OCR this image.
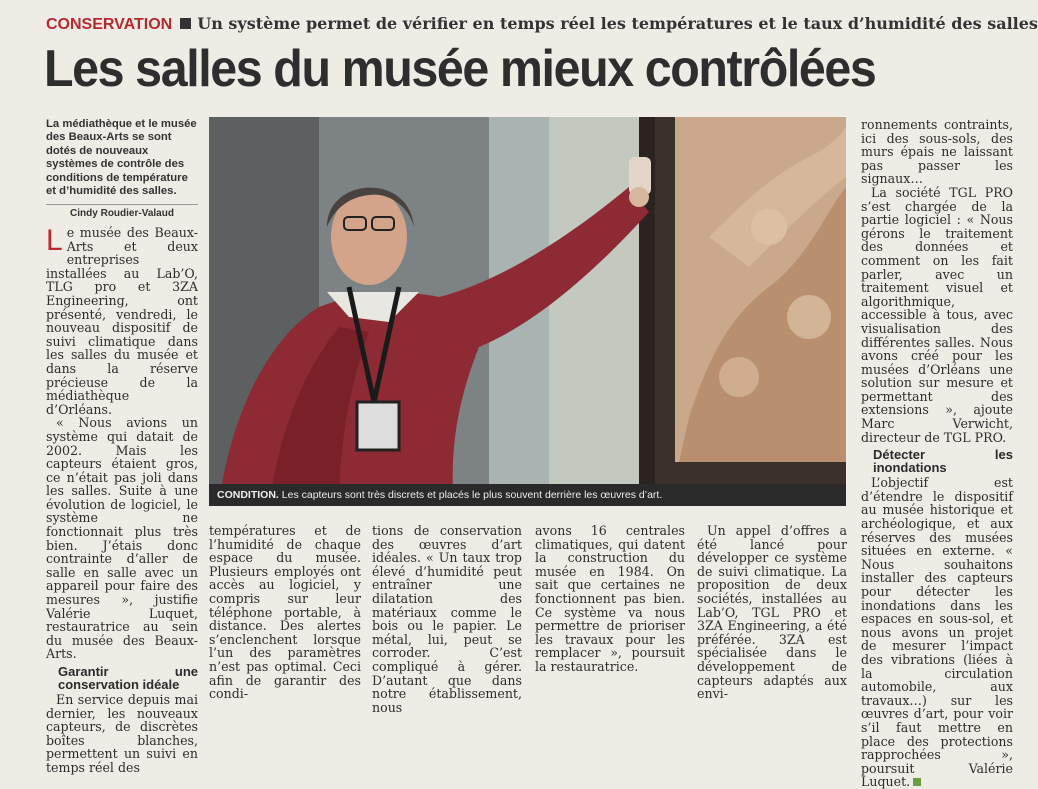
CONSERVATION Un système permet de vérifier en temps réel les températures et le taux d’humidité des salles
Les salles du musée mieux contrôlées
La médiathèque et le musée des Beaux-Arts se sont dotés de nouveaux systèmes de contrôle des conditions de température et d’humidité des salles.
Cindy Roudier-Valaud

Le musée des Beaux-Arts et deux entreprises installées au Lab’O, TLG pro et 3ZA Engineering, ont présenté, vendredi, le nouveau dispositif de suivi climatique dans les salles du musée et dans la réserve précieuse de la médiathèque d’Orléans.

« Nous avions un système qui datait de 2002. Mais les capteurs étaient gros, ce n’était pas joli dans les salles. Suite à une évolution de logiciel, le système ne fonctionnait plus très bien. J’étais donc contrainte d’aller de salle en salle avec un appareil pour faire des mesures », justifie Valérie Luquet, restauratrice au sein du musée des Beaux-Arts.

Garantir une conservation idéale

En service depuis mai dernier, les nouveaux capteurs, de discrètes boîtes blanches, permettent un suivi en temps réel des

CONDITION. Les capteurs sont très discrets et placés le plus souvent derrière les œuvres d’art.

températures et de l’humidité de chaque espace du musée. Plusieurs employés ont accès au logiciel, y compris sur leur téléphone portable, à distance. Des alertes s’enclenchent lorsque l’un des paramètres n’est pas optimal. Ceci afin de garantir des condi-

tions de conservation des œuvres d’art idéales. « Un taux trop élevé d’humidité peut entraîner une dilatation des matériaux comme le bois ou le papier. Le métal, lui, peut se corroder. C’est compliqué à gérer. D’autant que dans notre établissement, nous

avons 16 centrales climatiques, qui datent la construction du musée en 1984. On sait que certaines ne fonctionnent pas bien. Ce système va nous permettre de prioriser les travaux pour les remplacer », poursuit la restauratrice.

Un appel d’offres a été lancé pour développer ce système de suivi climatique. La proposition de deux sociétés, installées au Lab’O, TGL PRO et 3ZA Engineering, a été préférée. 3ZA est spécialisée dans le développement de capteurs adaptés aux envi-

ronnements contraints, ici des sous-sols, des murs épais ne laissant pas passer les signaux…

La société TGL PRO s’est chargée de la partie logiciel : « Nous gérons le traitement des données et comment on les fait parler, avec un traitement visuel et algorithmique, accessible à tous, avec visualisation des différentes salles. Nous avons créé pour les musées d’Orléans une solution sur mesure et permettant des extensions », ajoute Marc Verwicht, directeur de TGL PRO.

Détecter les inondations

L’objectif est d’étendre le dispositif au musée historique et archéologique, et aux réserves des musées situées en externe. « Nous souhaitons installer des capteurs pour détecter les inondations dans les espaces en sous-sol, et nous avons un projet de mesurer l’impact des vibrations (liées à la circulation automobile, aux travaux…) sur les œuvres d’art, pour voir s’il faut mettre en place des protections rapprochées », poursuit Valérie Luquet.
